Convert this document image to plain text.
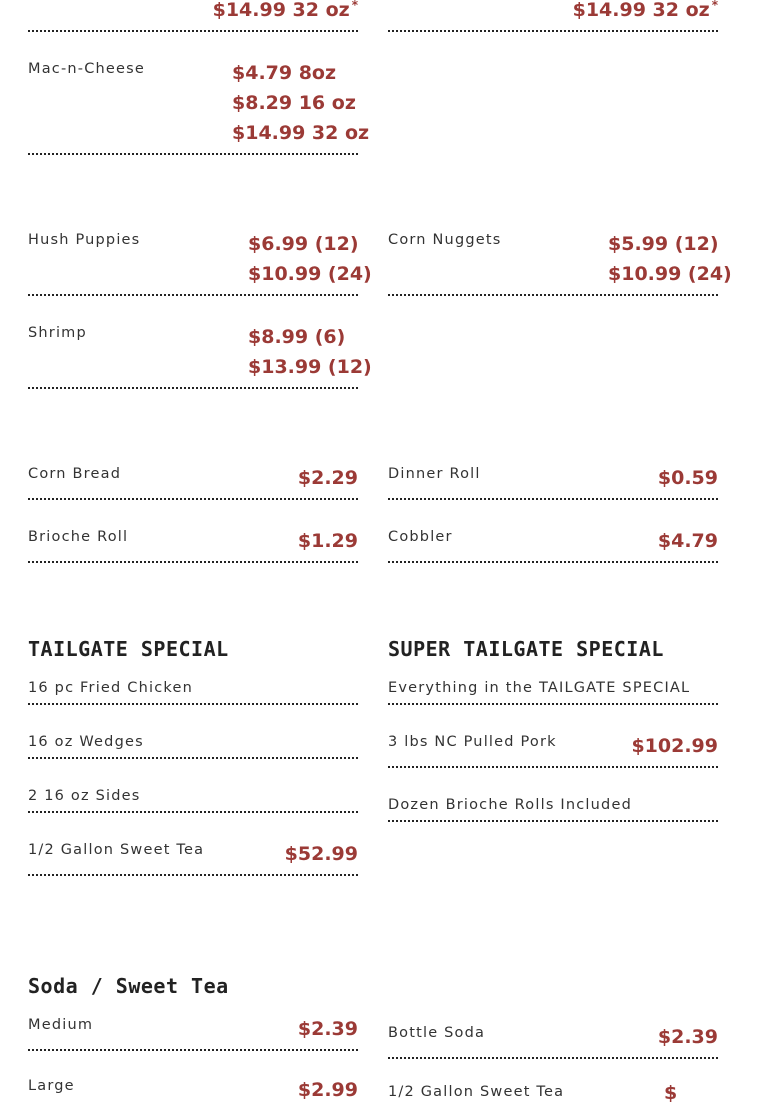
$14.99 32 oz *	$14.99 32 oz *
Mac-n-Cheese	$4.79 8oz
$8.29 16 oz
$14.99 32 oz
Hush Puppies	$6.99 (12)
$10.99 (24)
Corn Nuggets	$5.99 (12)
$10.99 (24)
Shrimp	$8.99 (6)
$13.99 (12)
Corn Bread	$2.29 Dinner Roll	$0.59
Brioche Roll	$1.29 Cobbler	$4.79
TAILGATE SPECIAL
16 pc Fried Chicken
16 oz Wedges
2 16 oz Sides
1/2 Gallon Sweet Tea	$52.99
SUPER TAILGATE SPECIAL
Everything in the TAILGATE SPECIAL
3 lbs NC Pulled Pork	$102.99
Dozen Brioche Rolls Included
Soda / Sweet Tea
Medium	$2.39
Large	$2.99
Bottle Soda	$2.39
1/2 Gallon Sweet Tea	$
